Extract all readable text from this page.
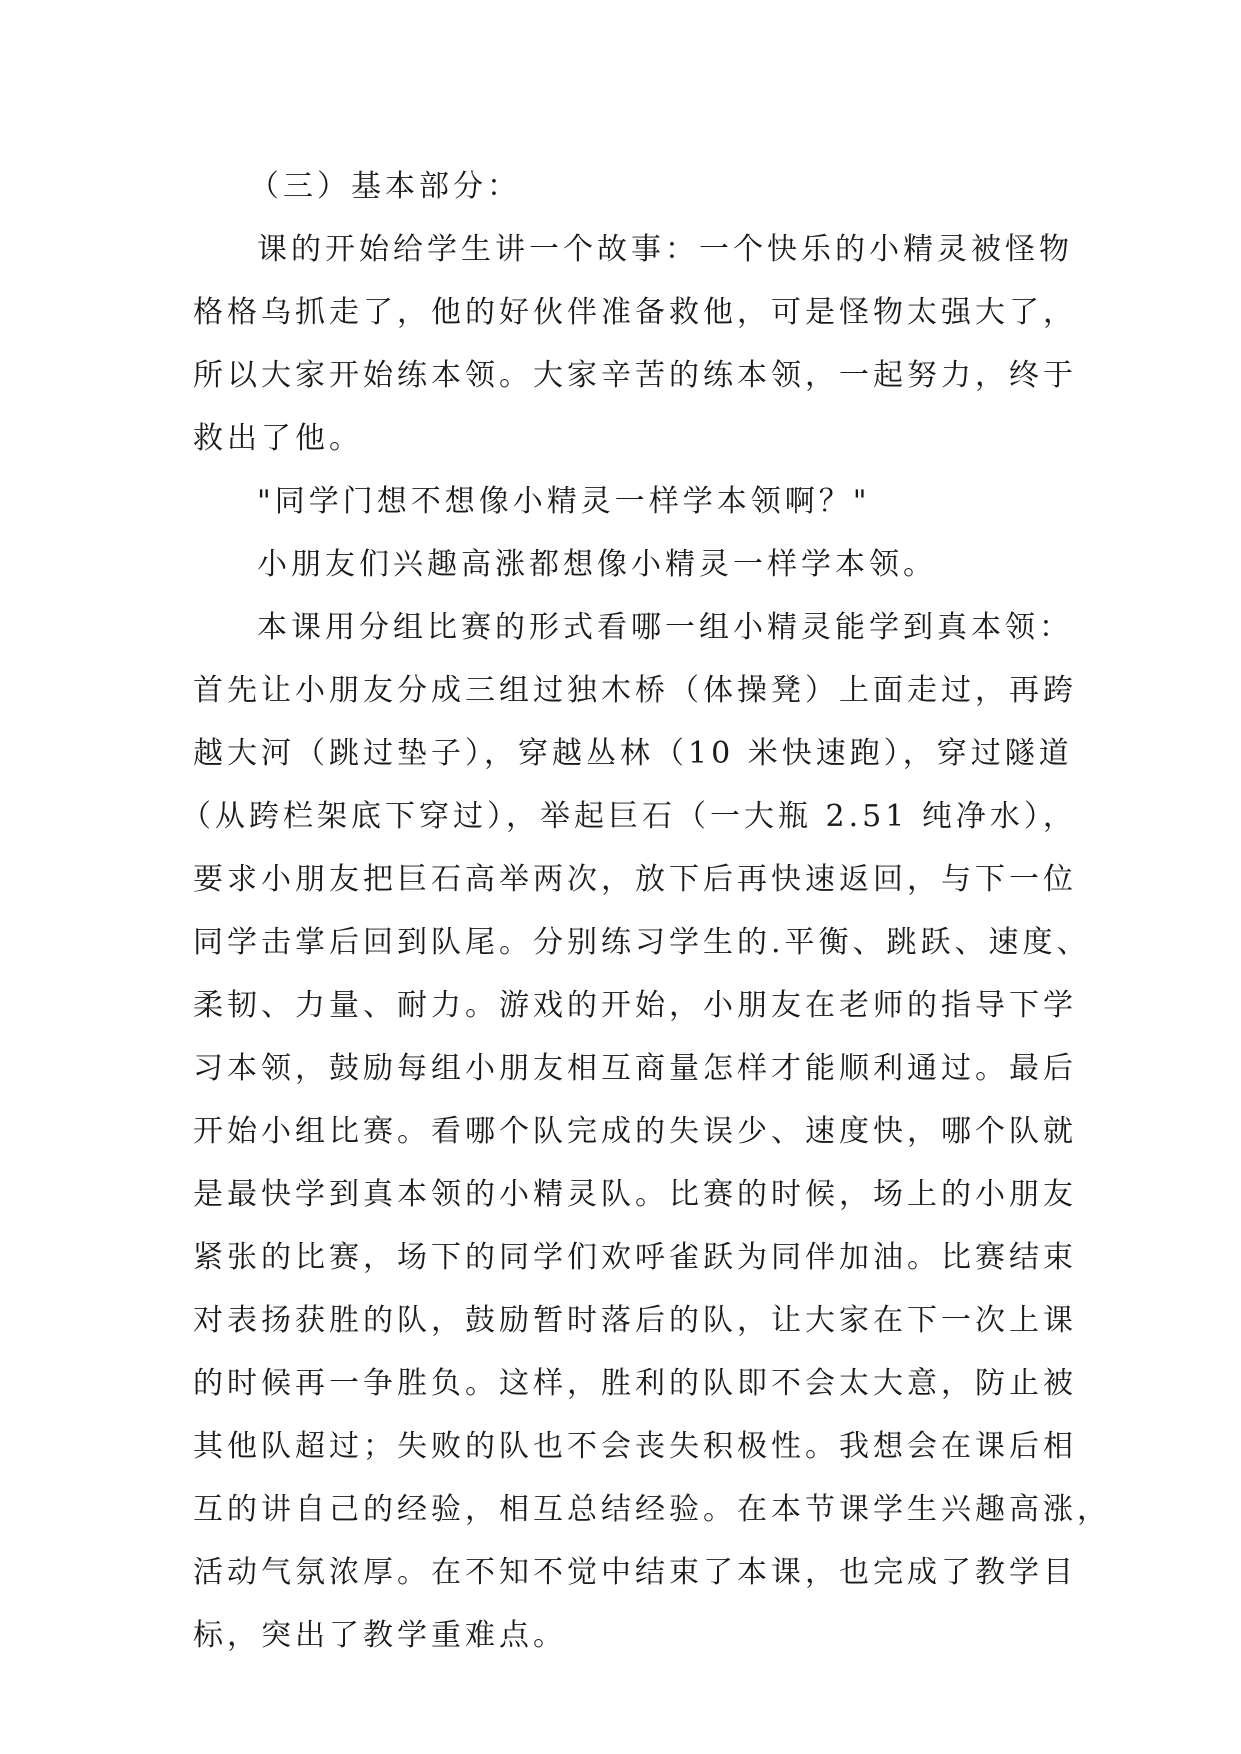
（三）基本部分：
课的开始给学生讲一个故事：一个快乐的小精灵被怪物
格格乌抓走了，他的好伙伴准备救他，可是怪物太强大了，
所以大家开始练本领。大家辛苦的练本领，一起努力，终于
救出了他。
"同学门想不想像小精灵一样学本领啊？"
小朋友们兴趣高涨都想像小精灵一样学本领。
本课用分组比赛的形式看哪一组小精灵能学到真本领：
首先让小朋友分成三组过独木桥（体操凳）上面走过，再跨
越大河（跳过垫子），穿越丛林（10 米快速跑），穿过隧道
（从跨栏架底下穿过），举起巨石（一大瓶 2.51 纯净水），
要求小朋友把巨石高举两次，放下后再快速返回，与下一位
同学击掌后回到队尾。分别练习学生的.平衡、跳跃、速度、
柔韧、力量、耐力。游戏的开始，小朋友在老师的指导下学
习本领，鼓励每组小朋友相互商量怎样才能顺利通过。最后
开始小组比赛。看哪个队完成的失误少、速度快，哪个队就
是最快学到真本领的小精灵队。比赛的时候，场上的小朋友
紧张的比赛，场下的同学们欢呼雀跃为同伴加油。比赛结束
对表扬获胜的队，鼓励暂时落后的队，让大家在下一次上课
的时候再一争胜负。这样，胜利的队即不会太大意，防止被
其他队超过；失败的队也不会丧失积极性。我想会在课后相
互的讲自己的经验，相互总结经验。在本节课学生兴趣高涨，
活动气氛浓厚。在不知不觉中结束了本课，也完成了教学目
标，突出了教学重难点。
